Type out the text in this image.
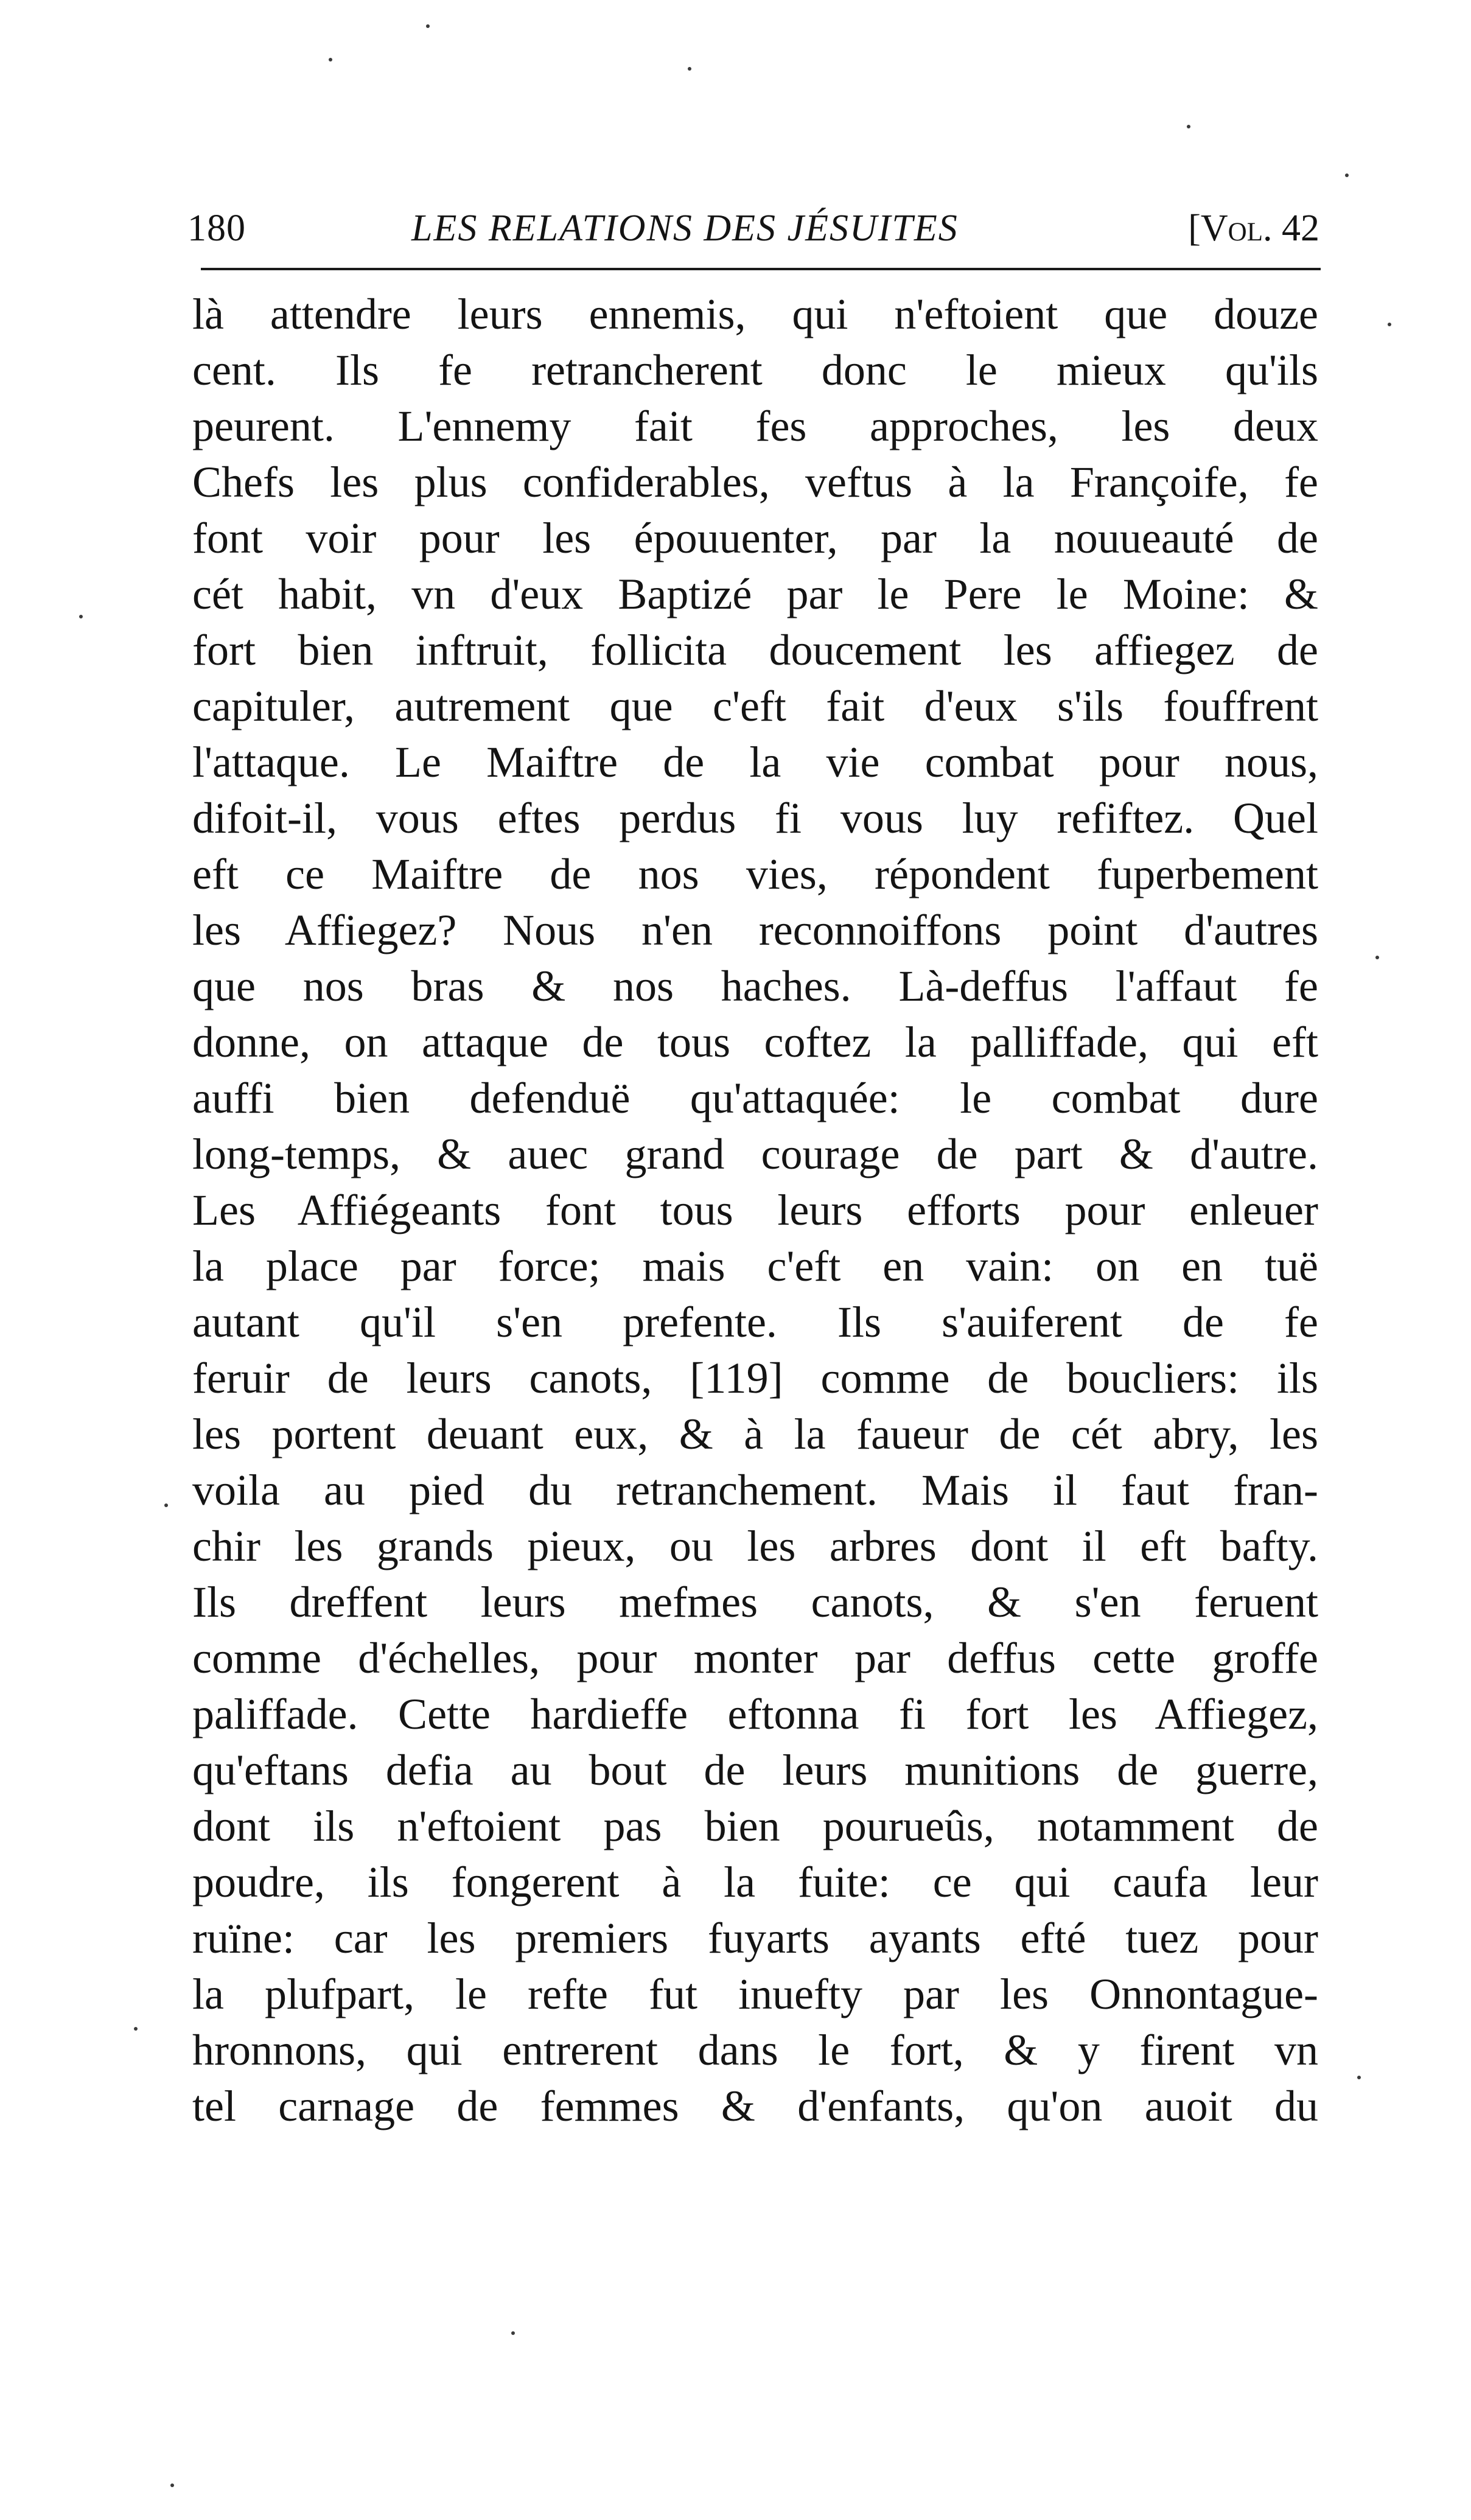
180	LES RELATIONS DES JÉSUITES	[Vol. 42
là attendre leurs ennemis, qui n'eftoient que douze
cent. Ils fe retrancherent donc le mieux qu'ils
peurent. L'ennemy fait fes approches, les deux
Chefs les plus confiderables, veftus à la Françoife, fe
font voir pour les épouuenter, par la nouueauté de
cét habit, vn d'eux Baptizé par le Pere le Moine: &
fort bien inftruit, follicita doucement les affiegez de
capituler, autrement que c'eft fait d'eux s'ils fouffrent
l'attaque. Le Maiftre de la vie combat pour nous,
difoit-il, vous eftes perdus fi vous luy refiftez. Quel
eft ce Maiftre de nos vies, répondent fuperbement
les Affiegez? Nous n'en reconnoiffons point d'autres
que nos bras & nos haches. Là-deffus l'affaut fe
donne, on attaque de tous coftez la palliffade, qui eft
auffi bien defenduë qu'attaquée: le combat dure
long-temps, & auec grand courage de part & d'autre.
Les Affiégeants font tous leurs efforts pour enleuer
la place par force; mais c'eft en vain: on en tuë
autant qu'il s'en prefente. Ils s'auiferent de fe
feruir de leurs canots, [119] comme de boucliers: ils
les portent deuant eux, & à la faueur de cét abry, les
voila au pied du retranchement. Mais il faut fran-
chir les grands pieux, ou les arbres dont il eft bafty.
Ils dreffent leurs mefmes canots, & s'en feruent
comme d'échelles, pour monter par deffus cette groffe
paliffade. Cette hardieffe eftonna fi fort les Affiegez,
qu'eftans defia au bout de leurs munitions de guerre,
dont ils n'eftoient pas bien pourueûs, notamment de
poudre, ils fongerent à la fuite: ce qui caufa leur
ruïne: car les premiers fuyarts ayants efté tuez pour
la plufpart, le refte fut inuefty par les Onnontague-
hronnons, qui entrerent dans le fort, & y firent vn
tel carnage de femmes & d'enfants, qu'on auoit du
